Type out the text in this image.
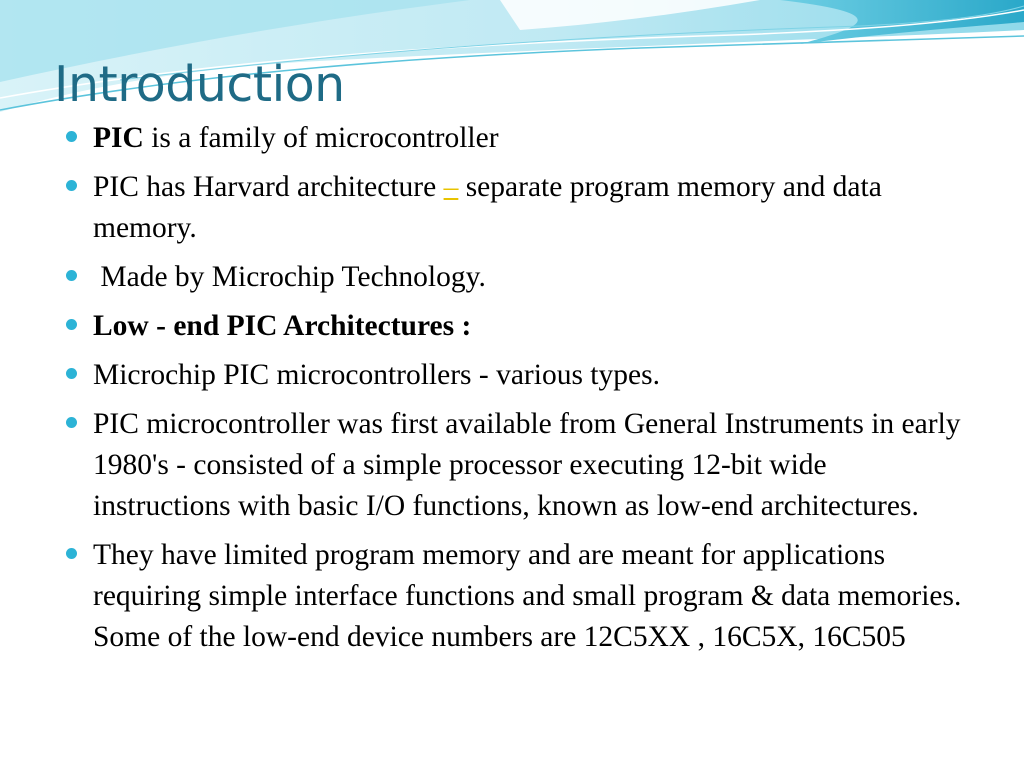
Introduction
PIC is a family of microcontroller
PIC has Harvard architecture – separate program memory and data memory.
Made by Microchip Technology.
Low - end PIC Architectures :
Microchip PIC microcontrollers - various types.
PIC microcontroller was first available from General Instruments in early 1980's - consisted of a simple processor executing 12-bit wide instructions with basic I/O functions, known as low-end architectures.
They have limited program memory and are meant for applications requiring simple interface functions and small program & data memories. Some of the low-end device numbers are 12C5XX , 16C5X, 16C505
